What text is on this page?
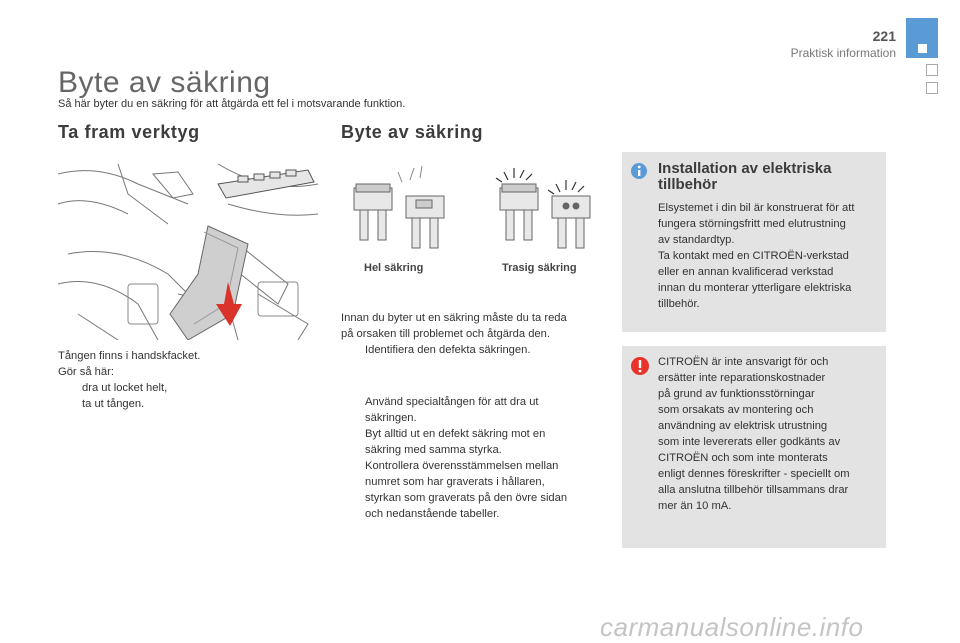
221
Praktisk information
Byte av säkring
Så här byter du en säkring för att åtgärda ett fel i motsvarande funktion.
Ta fram verktyg
Tången finns i handskfacket.
Gör så här:
dra ut locket helt,
ta ut tången.
Byte av säkring
Hel säkring	Trasig säkring
Innan du byter ut en säkring måste du ta reda
på orsaken till problemet och åtgärda den.
Identifiera den defekta säkringen.
Använd specialtången för att dra ut
säkringen.
Byt alltid ut en defekt säkring mot en
säkring med samma styrka.
Kontrollera överensstämmelsen mellan
numret som har graverats i hållaren,
styrkan som graverats på den övre sidan
och nedanstående tabeller.
Installation av elektriska
tillbehör
Elsystemet i din bil är konstruerat för att
fungera störningsfritt med elutrustning
av standardtyp.
Ta kontakt med en CITROËN-verkstad
eller en annan kvalificerad verkstad
innan du monterar ytterligare elektriska
tillbehör.
CITROËN är inte ansvarigt för och
ersätter inte reparationskostnader
på grund av funktionsstörningar
som orsakats av montering och
användning av elektrisk utrustning
som inte levererats eller godkänts av
CITROËN och som inte monterats
enligt dennes föreskrifter - speciellt om
alla anslutna tillbehör tillsammans drar
mer än 10 mA.
carmanualsonline.info
